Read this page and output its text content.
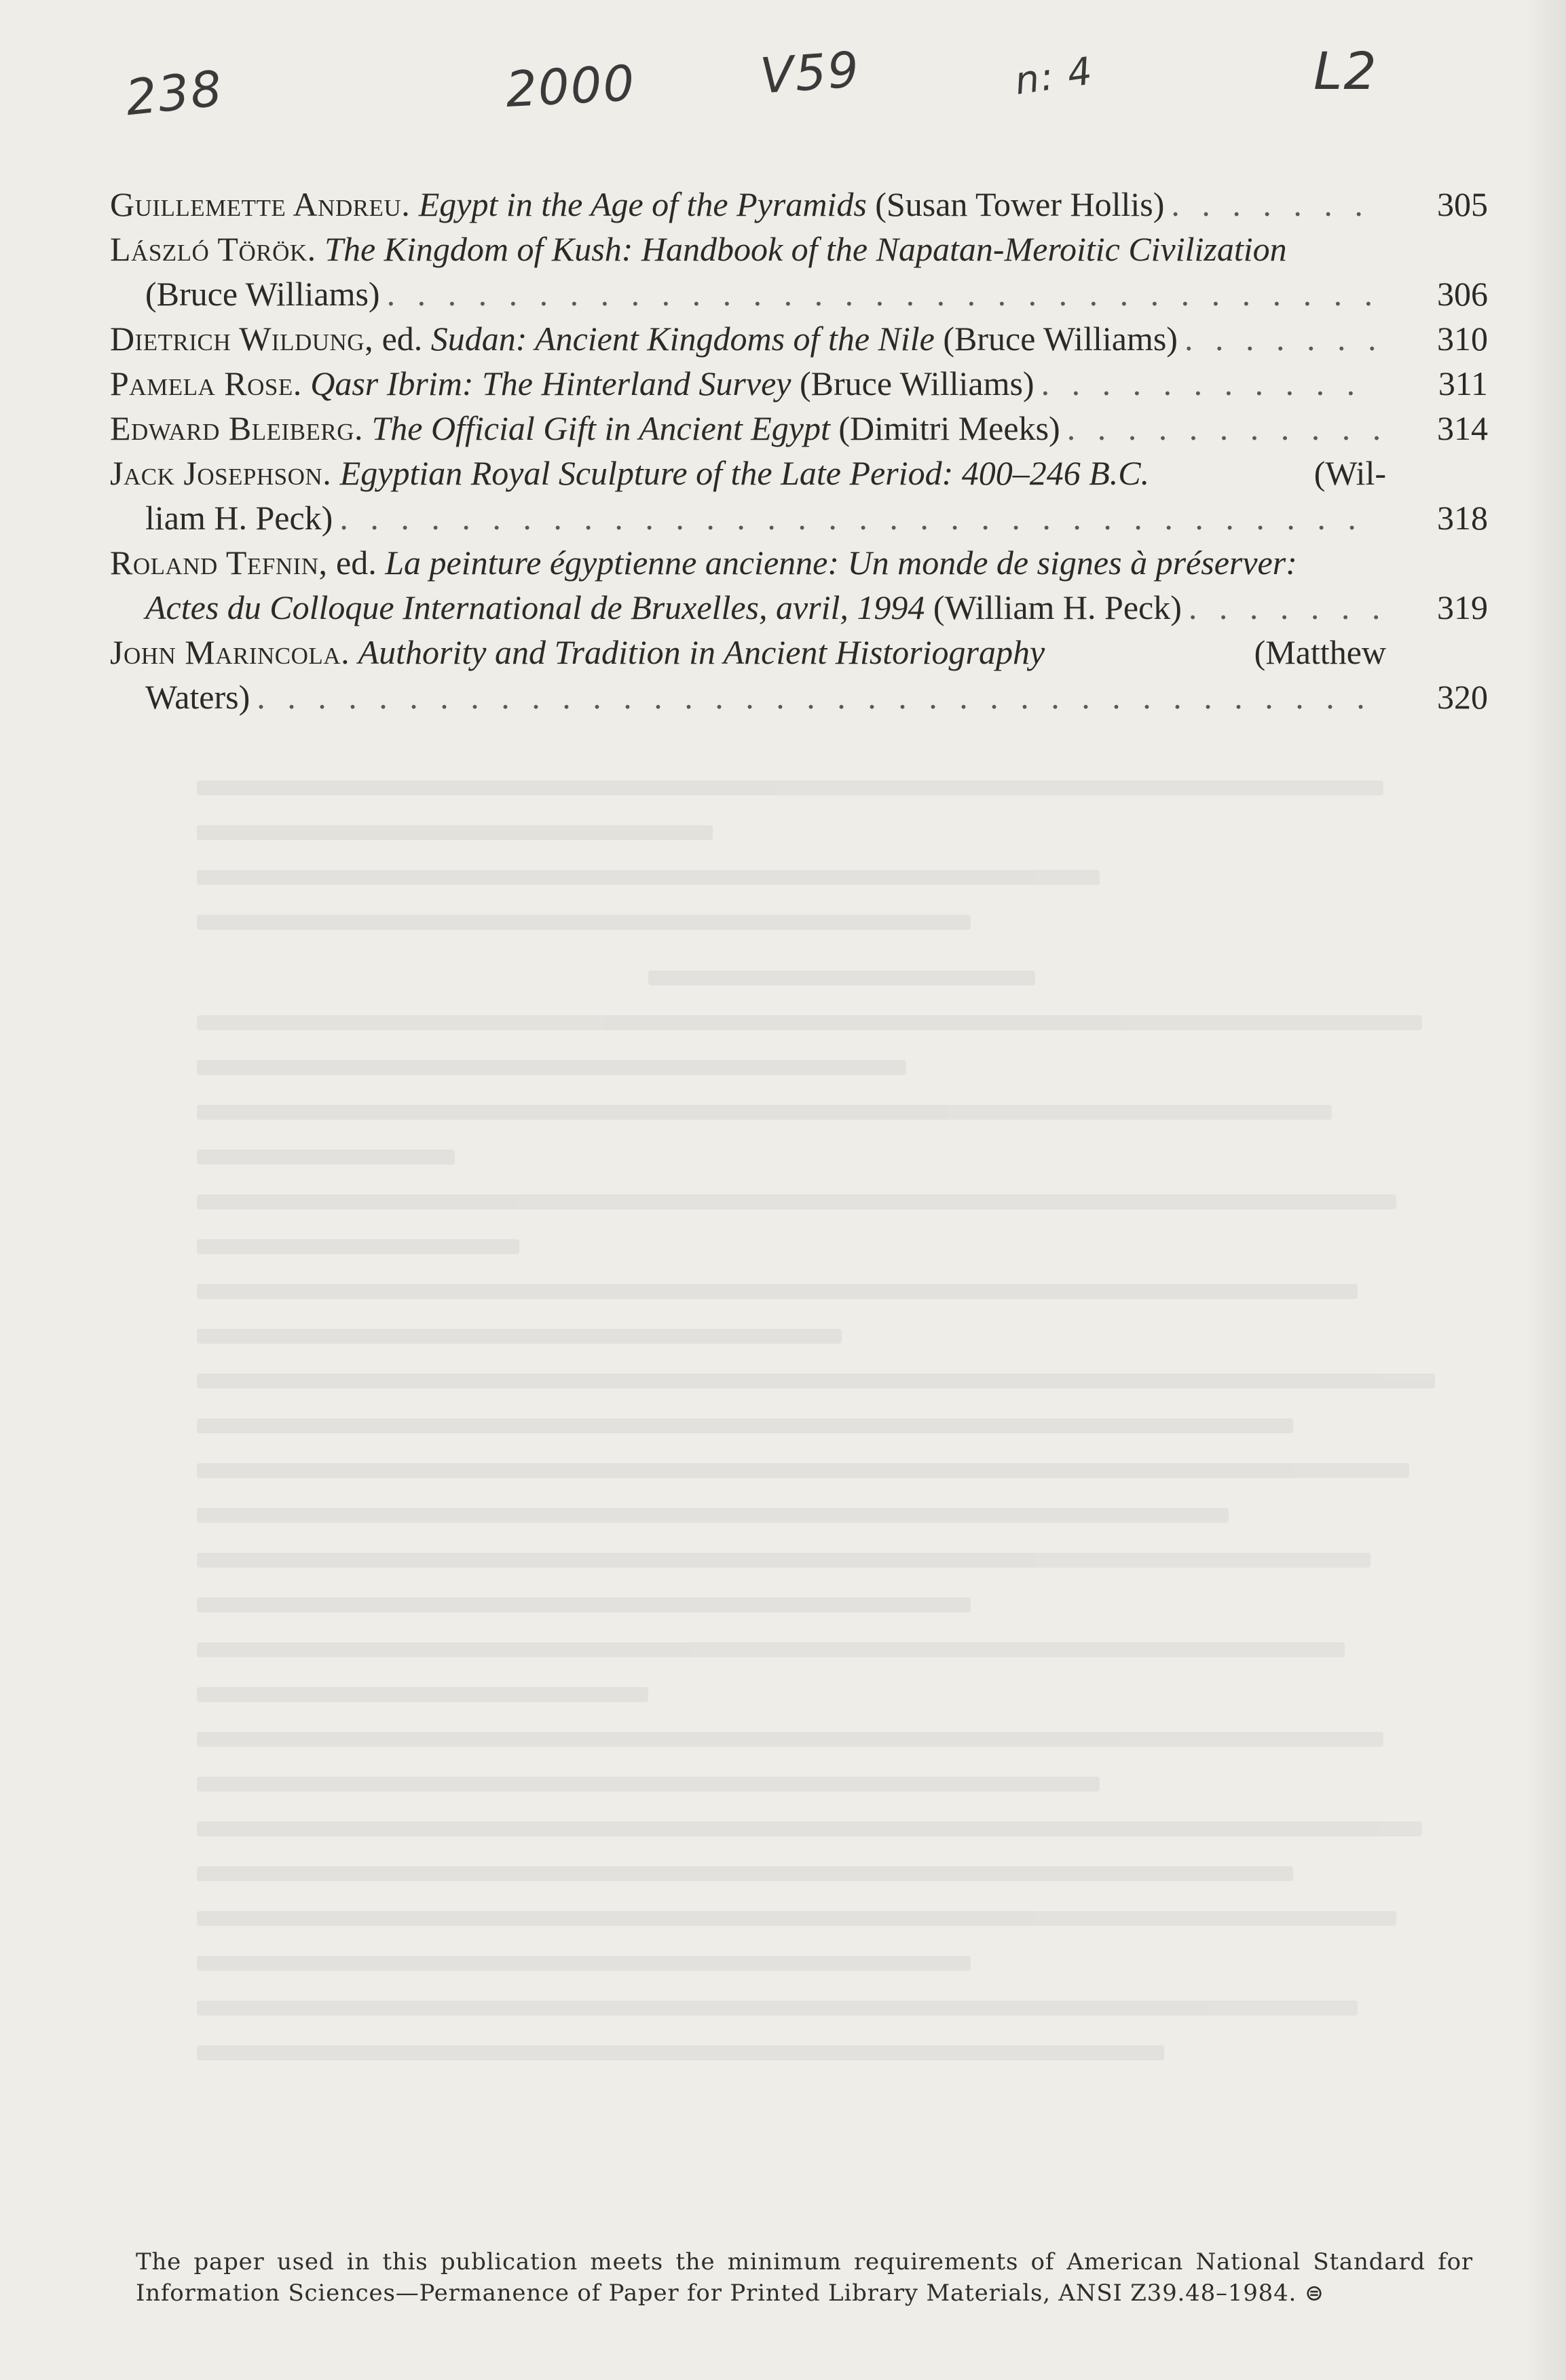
238	2000 V59	n: 4	L2
Guillemette Andreu.
Egypt in the Age of the Pyramids
(Susan Tower Hollis) . . .	305
László Török.
The Kingdom of Kush: Handbook of the Napatan-Meroitic Civilization
(Bruce Williams) . . .	306
Dietrich Wildung,
ed.
Sudan: Ancient Kingdoms of the Nile
(Bruce Williams) . . .	310
Pamela Rose.
Qasr Ibrim: The Hinterland Survey
(Bruce Williams) . . .	311
Edward Bleiberg.
The Official Gift in Ancient Egypt
(Dimitri Meeks) . . .	314
Jack Josephson. Egyptian Royal Sculpture of the Late Period: 400–246 B.C.	(Wil-
liam H. Peck) . . .	318
Roland Tefnin,
ed.
La peinture égyptienne ancienne: Un monde de signes à préserver:
Actes du Colloque International de Bruxelles, avril, 1994
(William H. Peck) . . .	319
John Marincola. Authority and Tradition in Ancient Historiography	(Matthew
Waters) . . .	320
The paper used in this publication meets the minimum requirements of American National Standard for Information Sciences—Permanence of Paper for Printed Library Materials, ANSI Z39.48–1984. ⊜
